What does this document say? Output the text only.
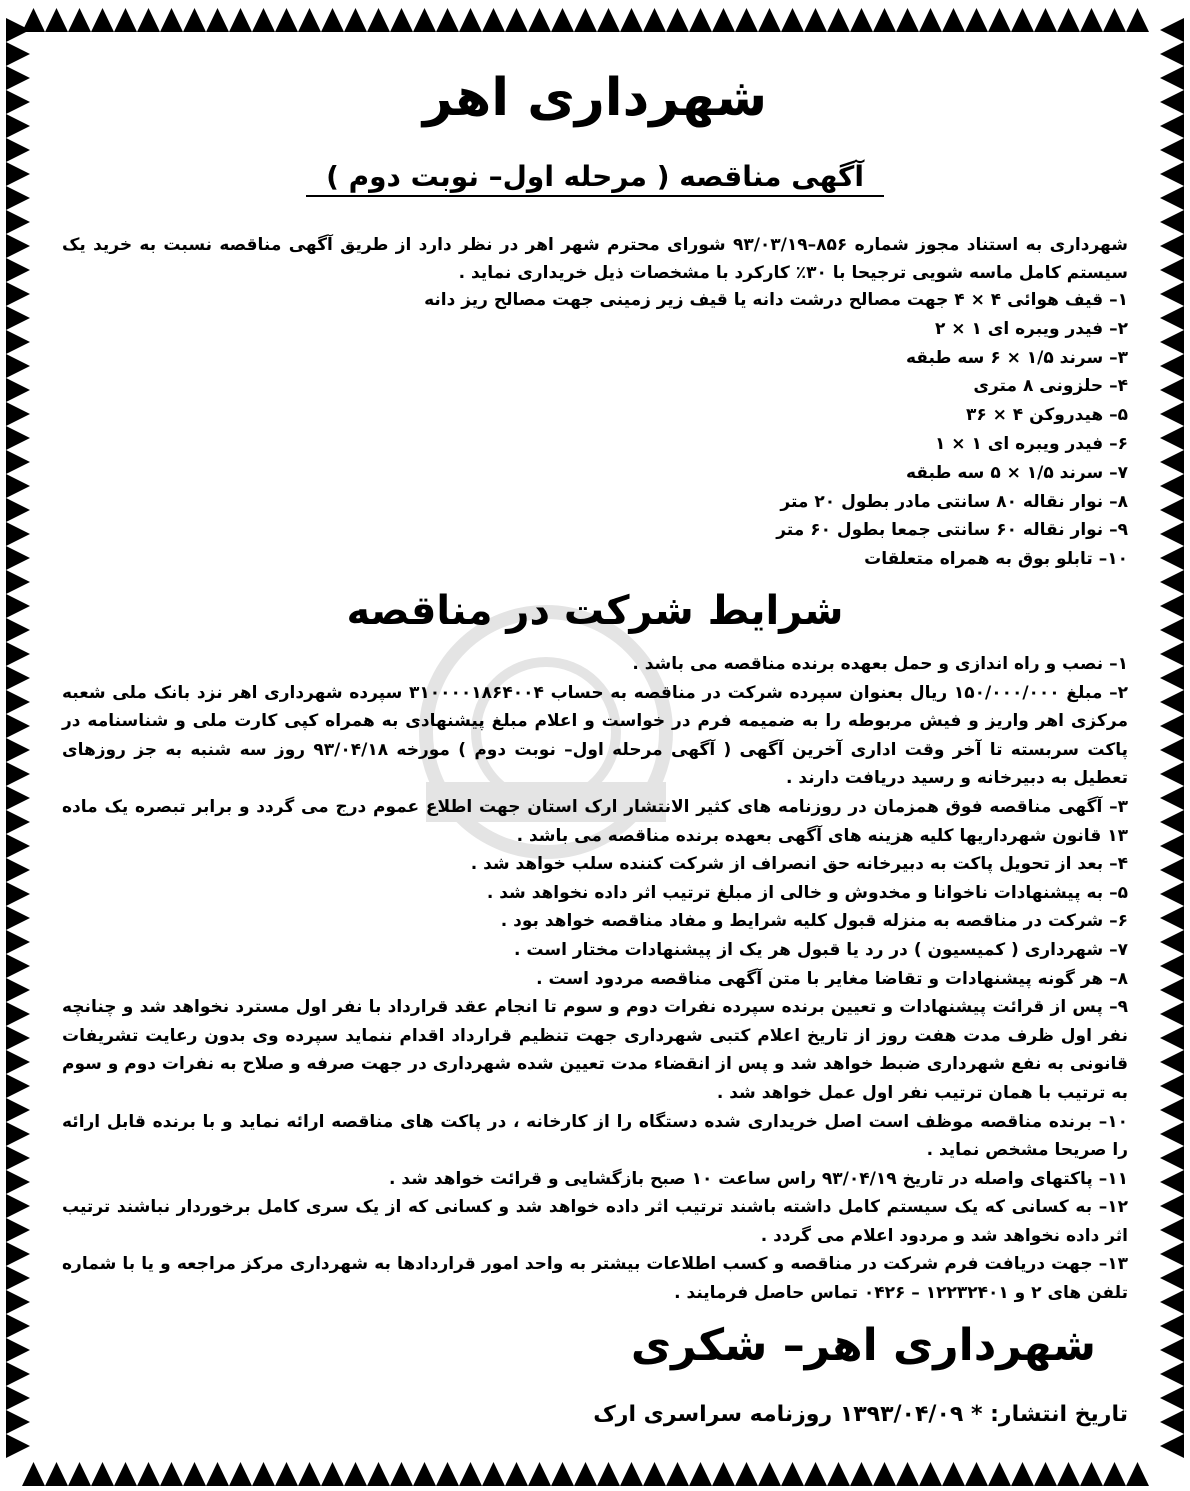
شهرداری اهر
آگهی مناقصه ( مرحله اول– نوبت دوم )
شهرداری به استناد مجوز شماره ۸۵۶–۹۳/۰۳/۱۹ شورای محترم شهر اهر در نظر دارد از طریق آگهی مناقصه نسبت به خرید یک سیستم کامل ماسه شویی ترجیحا با ۳۰٪ کارکرد با مشخصات ذیل خریداری نماید .
۱– قیف هوائی ۴ × ۴ جهت مصالح درشت دانه یا قیف زیر زمینی جهت مصالح ریز دانه
۲– فیدر ویبره ای ۱ × ۲
۳– سرند ۱/۵ × ۶ سه طبقه
۴– حلزونی ۸ متری
۵– هیدروکن ۴ × ۳۶
۶– فیدر ویبره ای ۱ × ۱
۷– سرند ۱/۵ × ۵ سه طبقه
۸– نوار نقاله ۸۰ سانتی مادر بطول ۲۰ متر
۹– نوار نقاله ۶۰ سانتی جمعا بطول ۶۰ متر
۱۰– تابلو بوق به همراه متعلقات
شرایط شرکت در مناقصه
۱– نصب و راه اندازی و حمل بعهده برنده مناقصه می باشد .
۲– مبلغ ۱۵۰/۰۰۰/۰۰۰ ریال بعنوان سپرده شرکت در مناقصه به حساب ۳۱۰۰۰۰۱۸۶۴۰۰۴ سپرده شهرداری اهر نزد بانک ملی شعبه مرکزی اهر واریز و فیش مربوطه را به ضمیمه فرم در خواست و اعلام مبلغ پیشنهادی به همراه کپی کارت ملی و شناسنامه در پاکت سربسته تا آخر وقت اداری آخرین آگهی ( آگهی مرحله اول– نوبت دوم ) مورخه ۹۳/۰۴/۱۸ روز سه شنبه به جز روزهای تعطیل به دبیرخانه و رسید دریافت دارند .
۳– آگهی مناقصه فوق همزمان در روزنامه های کثیر الانتشار ارک استان جهت اطلاع عموم درج می گردد و برابر تبصره یک ماده ۱۳ قانون شهرداریها کلیه هزینه های آگهی بعهده برنده مناقصه می باشد .
۴– بعد از تحویل پاکت به دبیرخانه حق انصراف از شرکت کننده سلب خواهد شد .
۵– به پیشنهادات ناخوانا و مخدوش و خالی از مبلغ ترتیب اثر داده نخواهد شد .
۶– شرکت در مناقصه به منزله قبول کلیه شرایط و مفاد مناقصه خواهد بود .
۷– شهرداری ( کمیسیون ) در رد یا قبول هر یک از پیشنهادات مختار است .
۸– هر گونه پیشنهادات و تقاضا مغایر با متن آگهی مناقصه مردود است .
۹– پس از قرائت پیشنهادات و تعیین برنده سپرده نفرات دوم و سوم تا انجام عقد قرارداد با نفر اول مسترد نخواهد شد و چنانچه نفر اول ظرف مدت هفت روز از تاریخ اعلام کتبی شهرداری جهت تنظیم قرارداد اقدام ننماید سپرده وی بدون رعایت تشریفات قانونی به نفع شهرداری ضبط خواهد شد و پس از انقضاء مدت تعیین شده شهرداری در جهت صرفه و صلاح به نفرات دوم و سوم به ترتیب با همان ترتیب نفر اول عمل خواهد شد .
۱۰– برنده مناقصه موظف است اصل خریداری شده دستگاه را از کارخانه ، در پاکت های مناقصه ارائه نماید و با برنده قابل ارائه را صریحا مشخص نماید .
۱۱– پاکتهای واصله در تاریخ ۹۳/۰۴/۱۹ راس ساعت ۱۰ صبح بازگشایی و قرائت خواهد شد .
۱۲– به کسانی که یک سیستم کامل داشته باشند ترتیب اثر داده خواهد شد و کسانی که از یک سری کامل برخوردار نباشند ترتیب اثر داده نخواهد شد و مردود اعلام می گردد .
۱۳– جهت دریافت فرم شرکت در مناقصه و کسب اطلاعات بیشتر به واحد امور قراردادها به شهرداری مرکز مراجعه و یا با شماره تلفن های ۲ و ۱۲۲۳۲۴۰۱ – ۰۴۲۶ تماس حاصل فرمایند .
شهرداری اهر– شکری
تاریخ انتشار: * ۱۳۹۳/۰۴/۰۹ روزنامه سراسری ارک
